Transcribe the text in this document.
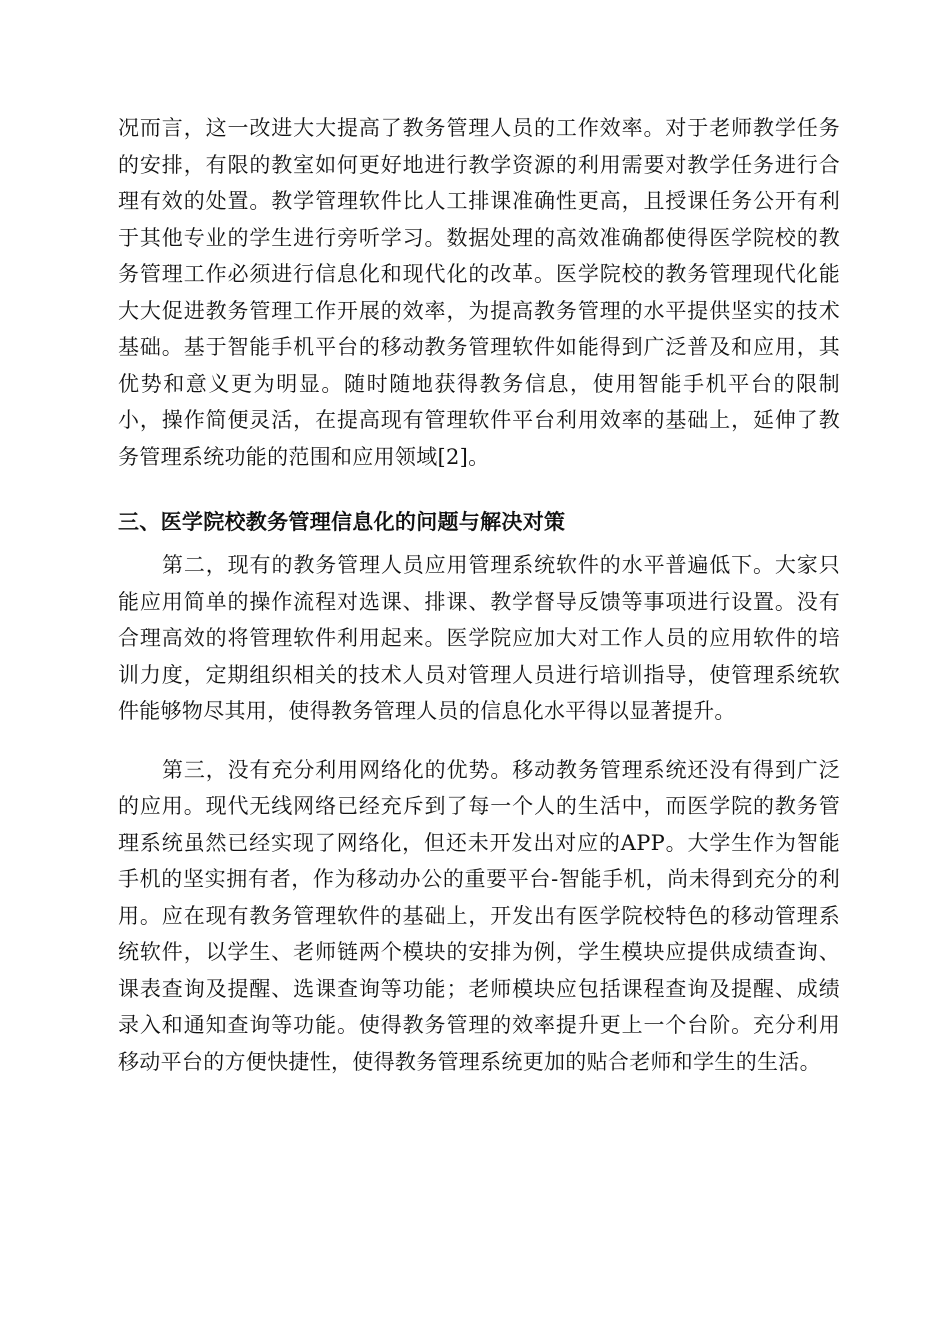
况而言，这一改进大大提高了教务管理人员的工作效率。对于老师教学任务的安排，有限的教室如何更好地进行教学资源的利用需要对教学任务进行合理有效的处置。教学管理软件比人工排课准确性更高，且授课任务公开有利于其他专业的学生进行旁听学习。数据处理的高效准确都使得医学院校的教务管理工作必须进行信息化和现代化的改革。医学院校的教务管理现代化能大大促进教务管理工作开展的效率，为提高教务管理的水平提供坚实的技术基础。基于智能手机平台的移动教务管理软件如能得到广泛普及和应用，其优势和意义更为明显。随时随地获得教务信息，使用智能手机平台的限制小，操作简便灵活，在提高现有管理软件平台利用效率的基础上，延伸了教务管理系统功能的范围和应用领域[2]。

三、医学院校教务管理信息化的问题与解决对策

第二，现有的教务管理人员应用管理系统软件的水平普遍低下。大家只能应用简单的操作流程对选课、排课、教学督导反馈等事项进行设置。没有合理高效的将管理软件利用起来。医学院应加大对工作人员的应用软件的培训力度，定期组织相关的技术人员对管理人员进行培训指导，使管理系统软件能够物尽其用，使得教务管理人员的信息化水平得以显著提升。

第三，没有充分利用网络化的优势。移动教务管理系统还没有得到广泛的应用。现代无线网络已经充斥到了每一个人的生活中，而医学院的教务管理系统虽然已经实现了网络化，但还未开发出对应的APP。大学生作为智能手机的坚实拥有者，作为移动办公的重要平台-智能手机，尚未得到充分的利用。应在现有教务管理软件的基础上，开发出有医学院校特色的移动管理系统软件，以学生、老师链两个模块的安排为例，学生模块应提供成绩查询、课表查询及提醒、选课查询等功能；老师模块应包括课程查询及提醒、成绩录入和通知查询等功能。使得教务管理的效率提升更上一个台阶。充分利用移动平台的方便快捷性，使得教务管理系统更加的贴合老师和学生的生活。
